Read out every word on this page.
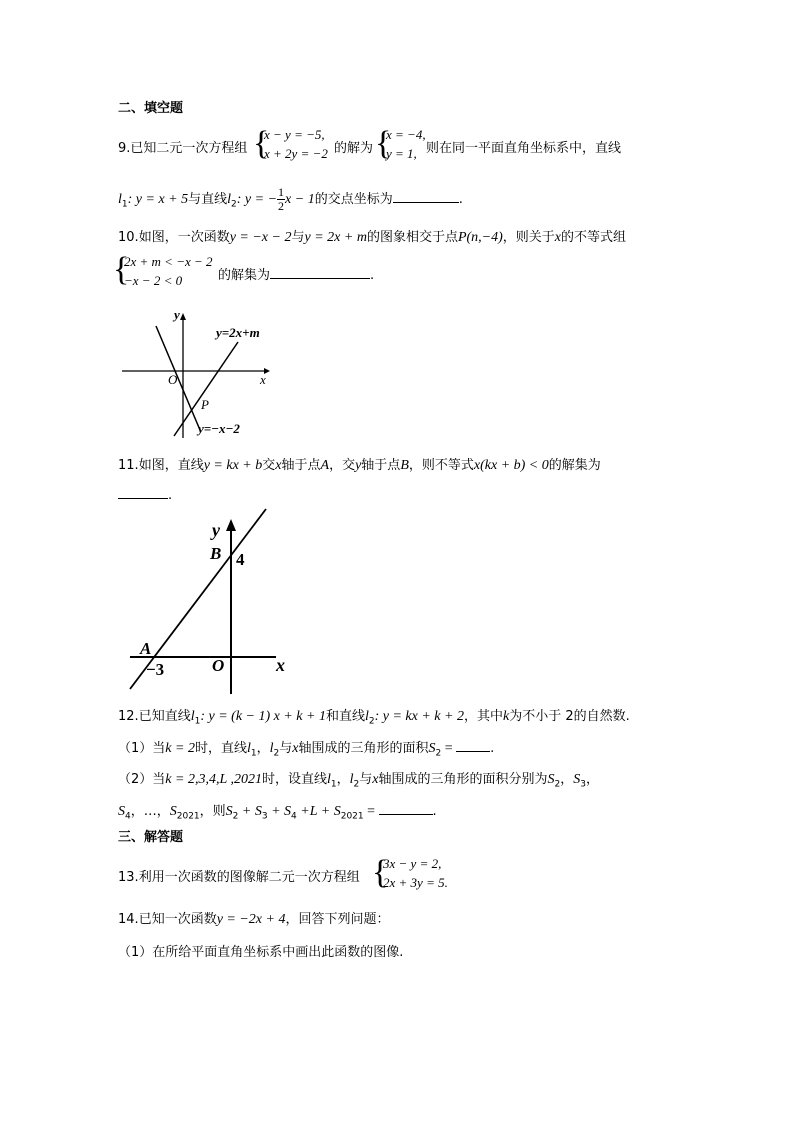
二、填空题
9.已知二元一次方程组 {
x − y = −5,
x + 2y = −2 的解为 {
x = −4,
y = 1, 则在同一平面直角坐标系中，直线
$l_1$: y = x + 5与直线$l_2$: y = − $\frac{1}{2}$ x − 1的交点坐标为	.
10.如图，一次函数y = −x − 2与y = 2x + m的图象相交于点P(n,−4)，则关于x的不等式组
{
2x + m < −x − 2
−x − 2 < 0	的解集为	.
y
x
O
y=2x+m
y=−x−2
P
11.如图，直线y = kx + b交x轴于点A，交y轴于点B，则不等式x(kx + b) < 0的解集为
.
y
x
O
B 4
A
−3
12.已知直线$l_1$: y = (k − 1) x + k + 1和直线$l_2$: y = kx + k + 2，其中k为不小于 2的自然数.
（1）当k = 2时，直线$l_1$，$l_2$与x轴围成的三角形的面积$S_2$ =	.
（2）当k = 2,3,4,L ,2021时，设直线$l_1$，$l_2$与x轴围成的三角形的面积分别为$S_2$，$S_3$，
$S_4$，…，$S_{2021}$，则$S_2 + S_3 + S_4 +L + S_{2021}$ =	.
三、解答题
13.利用一次函数的图像解二元一次方程组 {
3x − y = 2,
2x + 3y = 5.
14.已知一次函数y = −2x + 4，回答下列问题：
（1）在所给平面直角坐标系中画出此函数的图像.
